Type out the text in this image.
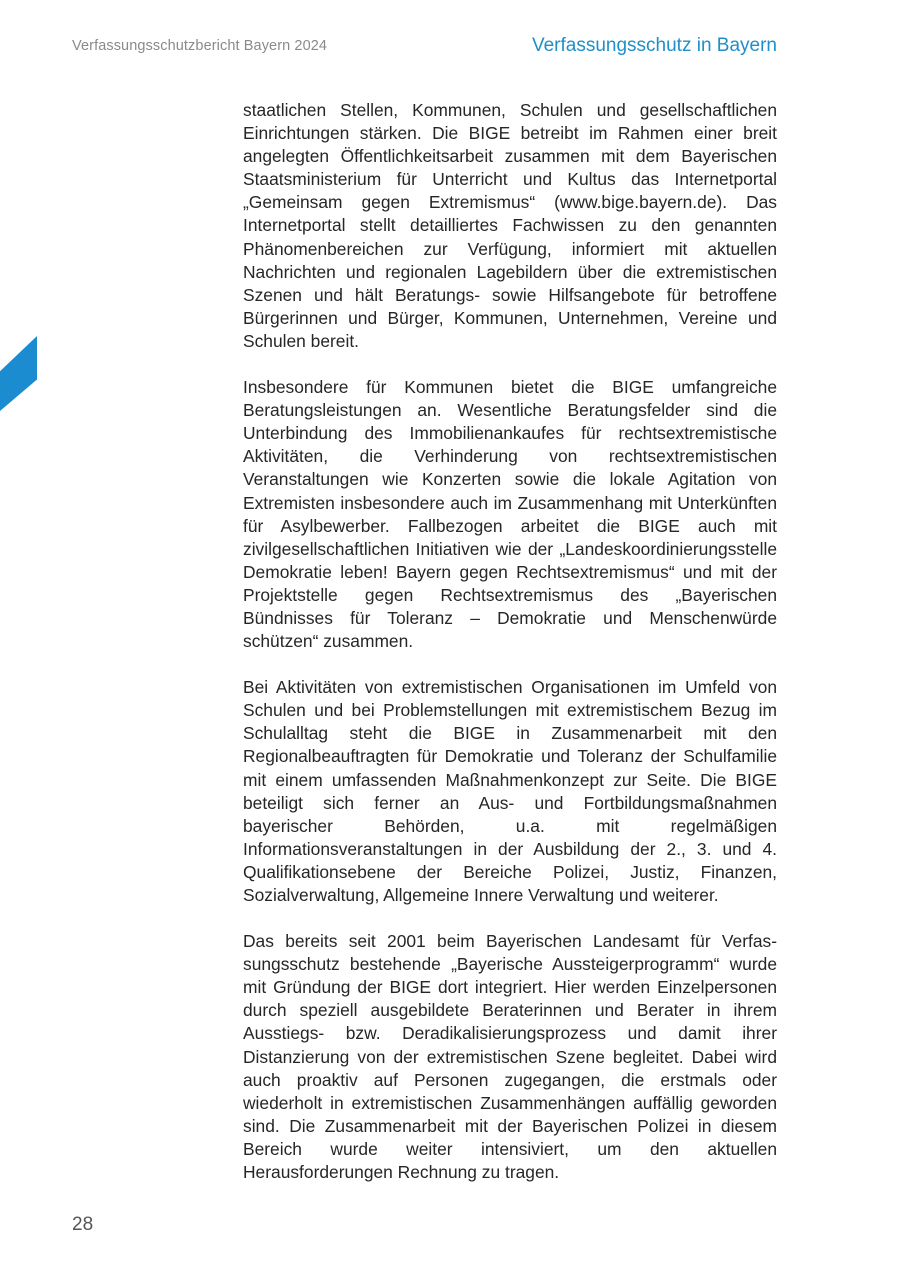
Verfassungsschutzbericht Bayern 2024	Verfassungsschutz in Bayern

staatlichen Stellen, Kommunen, Schulen und gesellschaftlichen Einrichtungen stärken. Die BIGE betreibt im Rahmen einer breit angelegten Öffentlichkeitsarbeit zusammen mit dem Bayerischen Staatsministerium für Unterricht und Kultus das Internetportal „Gemeinsam gegen Extremismus“ (www.bige.bayern.de). Das Internetportal stellt detailliertes Fachwissen zu den genannten Phänomenbereichen zur Verfügung, informiert mit aktuellen Nachrichten und regionalen Lagebildern über die extremistischen Szenen und hält Beratungs- sowie Hilfsangebote für betroffene Bürgerinnen und Bürger, Kommunen, Unternehmen, Vereine und Schulen bereit.

Insbesondere für Kommunen bietet die BIGE umfangreiche Beratungsleistungen an. Wesentliche Beratungsfelder sind die Unterbindung des Immobilienankaufes für rechtsextremistische Aktivitäten, die Verhinderung von rechtsextremistischen Veranstaltungen wie Konzerten sowie die lokale Agitation von Extremisten insbesondere auch im Zusammenhang mit Unterkünften für Asylbewerber. Fallbezogen arbeitet die BIGE auch mit zivilgesellschaftlichen Initiativen wie der „Landeskoordinierungsstelle Demokratie leben! Bayern gegen Rechtsextremismus“ und mit der Projektstelle gegen Rechtsextremismus des „Bayerischen Bündnisses für Toleranz – Demokratie und Menschenwürde schützen“ zusammen.

Bei Aktivitäten von extremistischen Organisationen im Umfeld von Schulen und bei Problemstellungen mit extremistischem Bezug im Schulalltag steht die BIGE in Zusammenarbeit mit den Regionalbeauftragten für Demokratie und Toleranz der Schulfamilie mit einem umfassenden Maßnahmenkonzept zur Seite. Die BIGE beteiligt sich ferner an Aus- und Fortbildungsmaßnahmen bayerischer Behörden, u.a. mit regelmäßigen Informationsveranstaltungen in der Ausbildung der 2., 3. und 4. Qualifikationsebene der Bereiche Polizei, Justiz, Finanzen, Sozialverwaltung, Allgemeine Innere Verwaltung und weiterer.

Das bereits seit 2001 beim Bayerischen Landesamt für Verfassungsschutz bestehende „Bayerische Aussteigerprogramm“ wurde mit Gründung der BIGE dort integriert. Hier werden Einzelpersonen durch speziell ausgebildete Beraterinnen und Berater in ihrem Ausstiegs- bzw. Deradikalisierungsprozess und damit ihrer Distanzierung von der extremistischen Szene begleitet. Dabei wird auch proaktiv auf Personen zugegangen, die erstmals oder wiederholt in extremistischen Zusammenhängen auffällig geworden sind. Die Zusammenarbeit mit der Bayerischen Polizei in diesem Bereich wurde weiter intensiviert, um den aktuellen Herausforderungen Rechnung zu tragen.

28
